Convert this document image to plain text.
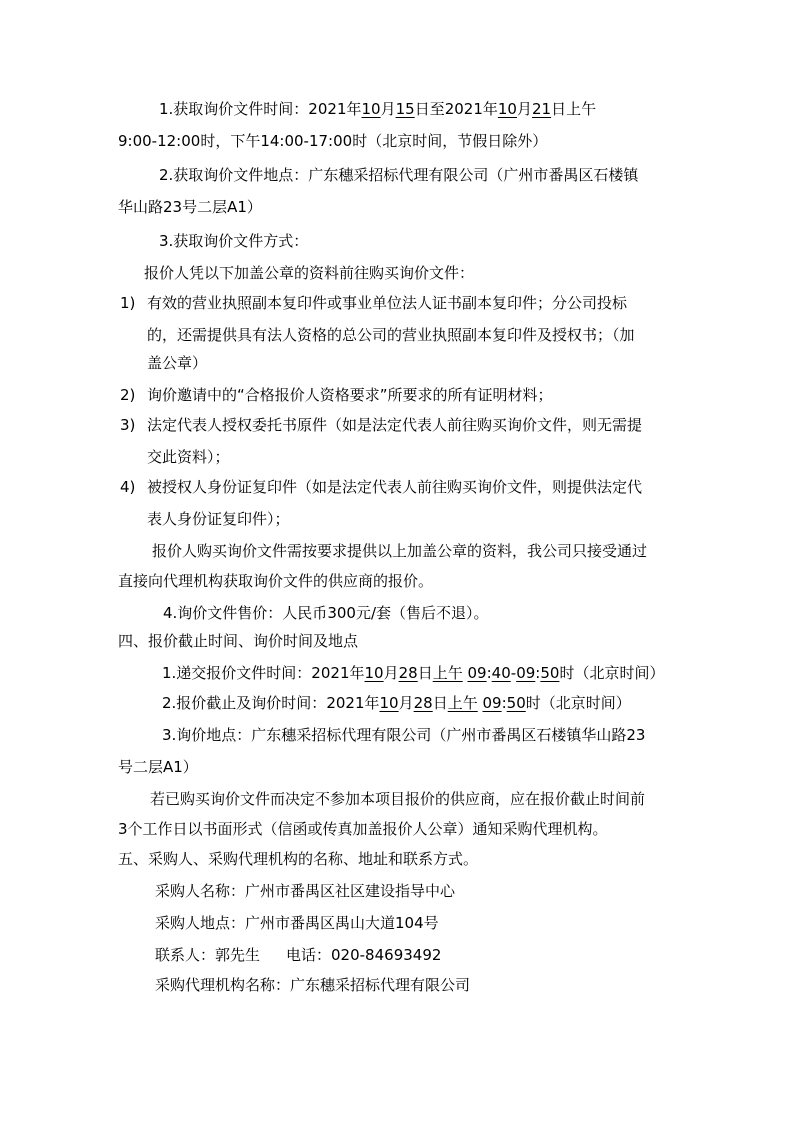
1.获取询价文件时间：2021年10月15日至2021年10月21日上午
9:00-12:00时，下午14:00-17:00时（北京时间，节假日除外）
2.获取询价文件地点：广东穗采招标代理有限公司（广州市番禺区石楼镇
华山路23号二层A1）
3.获取询价文件方式：
报价人凭以下加盖公章的资料前往购买询价文件：
1) 有效的营业执照副本复印件或事业单位法人证书副本复印件；分公司投标
的，还需提供具有法人资格的总公司的营业执照副本复印件及授权书；（加
盖公章）
2) 询价邀请中的“合格报价人资格要求”所要求的所有证明材料；
3) 法定代表人授权委托书原件（如是法定代表人前往购买询价文件，则无需提
交此资料）；
4) 被授权人身份证复印件（如是法定代表人前往购买询价文件，则提供法定代
表人身份证复印件）；
报价人购买询价文件需按要求提供以上加盖公章的资料，我公司只接受通过
直接向代理机构获取询价文件的供应商的报价。
4.询价文件售价：人民币300元/套（售后不退）。
四、报价截止时间、询价时间及地点
1.递交报价文件时间：2021年10月28日上午 09:40-09:50时（北京时间）
2.报价截止及询价时间：2021年10月28日上午 09:50时（北京时间）
3.询价地点：广东穗采招标代理有限公司（广州市番禺区石楼镇华山路23
号二层A1）
若已购买询价文件而决定不参加本项目报价的供应商，应在报价截止时间前
3个工作日以书面形式（信函或传真加盖报价人公章）通知采购代理机构。
五、采购人、采购代理机构的名称、地址和联系方式。
采购人名称：广州市番禺区社区建设指导中心
采购人地点：广州市番禺区禺山大道104号
联系人：郭先生 电话：020-84693492
采购代理机构名称：广东穗采招标代理有限公司
